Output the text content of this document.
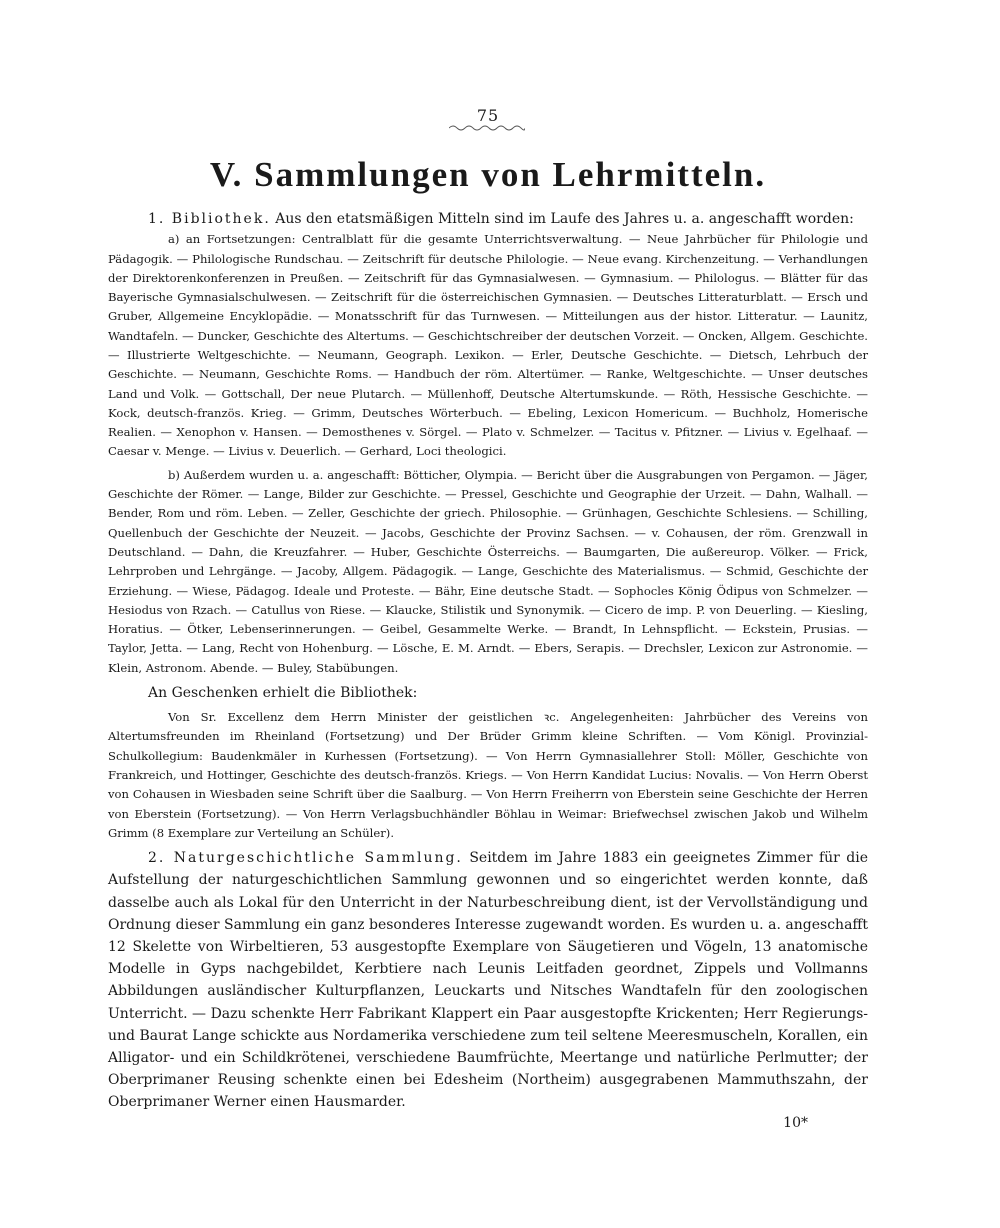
75
V. Sammlungen von Lehrmitteln.

1. Bibliothek. Aus den etatsmäßigen Mitteln sind im Laufe des Jahres u. a. angeschafft worden:

a) an Fortsetzungen: Centralblatt für die gesamte Unterrichtsverwaltung. — Neue Jahrbücher für Philologie und Pädagogik. — Philologische Rundschau. — Zeitschrift für deutsche Philologie. — Neue evang. Kirchenzeitung. — Verhandlungen der Direktorenkonferenzen in Preußen. — Zeitschrift für das Gymnasialwesen. — Gymnasium. — Philologus. — Blätter für das Bayerische Gymnasialschulwesen. — Zeitschrift für die österreichischen Gymnasien. — Deutsches Litteraturblatt. — Ersch und Gruber, Allgemeine Encyklopädie. — Monatsschrift für das Turnwesen. — Mitteilungen aus der histor. Litteratur. — Launitz, Wandtafeln. — Duncker, Geschichte des Altertums. — Geschichtschreiber der deutschen Vorzeit. — Oncken, Allgem. Geschichte. — Illustrierte Weltgeschichte. — Neumann, Geograph. Lexikon. — Erler, Deutsche Geschichte. — Dietsch, Lehrbuch der Geschichte. — Neumann, Geschichte Roms. — Handbuch der röm. Altertümer. — Ranke, Weltgeschichte. — Unser deutsches Land und Volk. — Gottschall, Der neue Plutarch. — Müllenhoff, Deutsche Altertumskunde. — Röth, Hessische Geschichte. — Kock, deutsch-französ. Krieg. — Grimm, Deutsches Wörterbuch. — Ebeling, Lexicon Homericum. — Buchholz, Homerische Realien. — Xenophon v. Hansen. — Demosthenes v. Sörgel. — Plato v. Schmelzer. — Tacitus v. Pfitzner. — Livius v. Egelhaaf. — Caesar v. Menge. — Livius v. Deuerlich. — Gerhard, Loci theologici.

b) Außerdem wurden u. a. angeschafft: Bötticher, Olympia. — Bericht über die Ausgrabungen von Pergamon. — Jäger, Geschichte der Römer. — Lange, Bilder zur Geschichte. — Pressel, Geschichte und Geographie der Urzeit. — Dahn, Walhall. — Bender, Rom und röm. Leben. — Zeller, Geschichte der griech. Philosophie. — Grünhagen, Geschichte Schlesiens. — Schilling, Quellenbuch der Geschichte der Neuzeit. — Jacobs, Geschichte der Provinz Sachsen. — v. Cohausen, der röm. Grenzwall in Deutschland. — Dahn, die Kreuzfahrer. — Huber, Geschichte Österreichs. — Baumgarten, Die außereurop. Völker. — Frick, Lehrproben und Lehrgänge. — Jacoby, Allgem. Pädagogik. — Lange, Geschichte des Materialismus. — Schmid, Geschichte der Erziehung. — Wiese, Pädagog. Ideale und Proteste. — Bähr, Eine deutsche Stadt. — Sophocles König Ödipus von Schmelzer. — Hesiodus von Rzach. — Catullus von Riese. — Klaucke, Stilistik und Synonymik. — Cicero de imp. P. von Deuerling. — Kiesling, Horatius. — Ötker, Lebenserinnerungen. — Geibel, Gesammelte Werke. — Brandt, In Lehnspflicht. — Eckstein, Prusias. — Taylor, Jetta. — Lang, Recht von Hohenburg. — Lösche, E. M. Arndt. — Ebers, Serapis. — Drechsler, Lexicon zur Astronomie. — Klein, Astronom. Abende. — Buley, Stabübungen.

An Geschenken erhielt die Bibliothek:

Von Sr. Excellenz dem Herrn Minister der geistlichen ꝛc. Angelegenheiten: Jahrbücher des Vereins von Altertumsfreunden im Rheinland (Fortsetzung) und Der Brüder Grimm kleine Schriften. — Vom Königl. Provinzial-Schulkollegium: Baudenkmäler in Kurhessen (Fortsetzung). — Von Herrn Gymnasiallehrer Stoll: Möller, Geschichte von Frankreich, und Hottinger, Geschichte des deutsch-französ. Kriegs. — Von Herrn Kandidat Lucius: Novalis. — Von Herrn Oberst von Cohausen in Wiesbaden seine Schrift über die Saalburg. — Von Herrn Freiherrn von Eberstein seine Geschichte der Herren von Eberstein (Fortsetzung). — Von Herrn Verlagsbuchhändler Böhlau in Weimar: Briefwechsel zwischen Jakob und Wilhelm Grimm (8 Exemplare zur Verteilung an Schüler).

2. Naturgeschichtliche Sammlung. Seitdem im Jahre 1883 ein geeignetes Zimmer für die Aufstellung der naturgeschichtlichen Sammlung gewonnen und so eingerichtet werden konnte, daß dasselbe auch als Lokal für den Unterricht in der Naturbeschreibung dient, ist der Vervollständigung und Ordnung dieser Sammlung ein ganz besonderes Interesse zugewandt worden. Es wurden u. a. angeschafft 12 Skelette von Wirbeltieren, 53 ausgestopfte Exemplare von Säugetieren und Vögeln, 13 anatomische Modelle in Gyps nachgebildet, Kerbtiere nach Leunis Leitfaden geordnet, Zippels und Vollmanns Abbildungen ausländischer Kulturpflanzen, Leuckarts und Nitsches Wandtafeln für den zoologischen Unterricht. — Dazu schenkte Herr Fabrikant Klappert ein Paar ausgestopfte Krickenten; Herr Regierungs- und Baurat Lange schickte aus Nordamerika verschiedene zum teil seltene Meeresmuscheln, Korallen, ein Alligator- und ein Schildkrötenei, verschiedene Baumfrüchte, Meertange und natürliche Perlmutter; der Oberprimaner Reusing schenkte einen bei Edesheim (Northeim) ausgegrabenen Mammuthszahn, der Oberprimaner Werner einen Hausmarder.

10*
